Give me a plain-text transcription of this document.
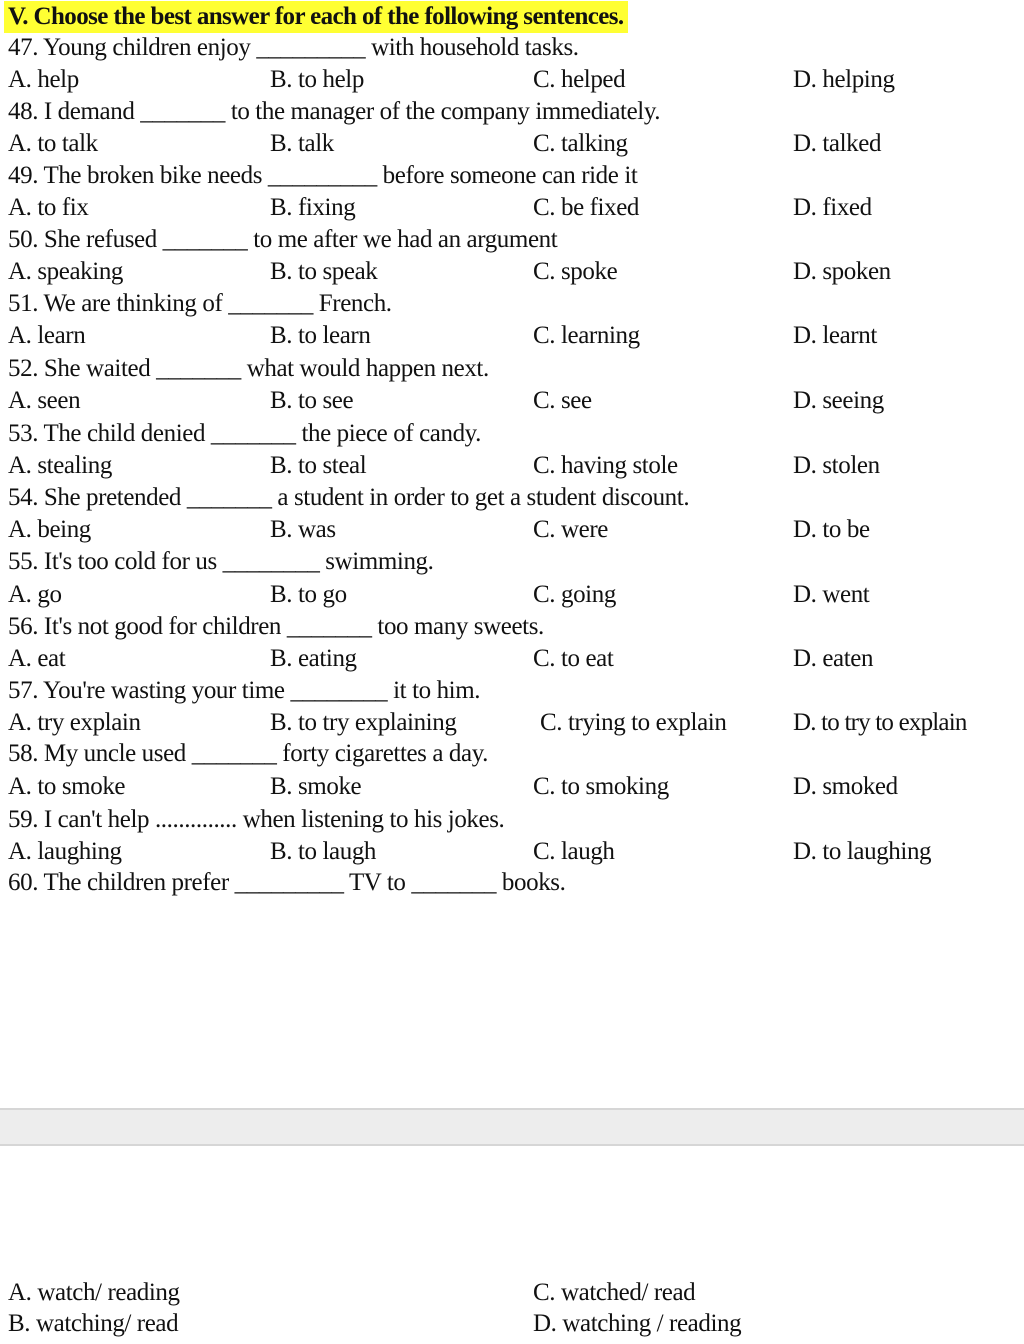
V. Choose the best answer for each of the following sentences.
47. Young children enjoy _________ with household tasks.
A. help	B. to help	C. helped	D. helping
48. I demand _______ to the manager of the company immediately.
A. to talk	B. talk	C. talking	D. talked
49. The broken bike needs _________ before someone can ride it
A. to fix	B. fixing	C. be fixed	D. fixed
50. She refused _______ to me after we had an argument
A. speaking	B. to speak	C. spoke	D. spoken
51. We are thinking of _______ French.
A. learn	B. to learn	C. learning	D. learnt
52. She waited _______ what would happen next.
A. seen	B. to see	C. see	D. seeing
53. The child denied _______ the piece of candy.
A. stealing	B. to steal	C. having stole	D. stolen
54. She pretended _______ a student in order to get a student discount.
A. being	B. was	C. were	D. to be
55. It's too cold for us ________ swimming.
A. go	B. to go	C. going	D. went
56. It's not good for children _______ too many sweets.
A. eat	B. eating	C. to eat	D. eaten
57. You're wasting your time ________ it to him.
A. try explain	B. to try explaining	C. trying to explain	D. to try to explain
58. My uncle used _______ forty cigarettes a day.
A. to smoke	B. smoke	C. to smoking	D. smoked
59. I can't help .............. when listening to his jokes.
A. laughing	B. to laugh	C. laugh	D. to laughing
60. The children prefer _________ TV to _______ books.
A. watch/ reading	C. watched/ read
B. watching/ read	D. watching / reading
